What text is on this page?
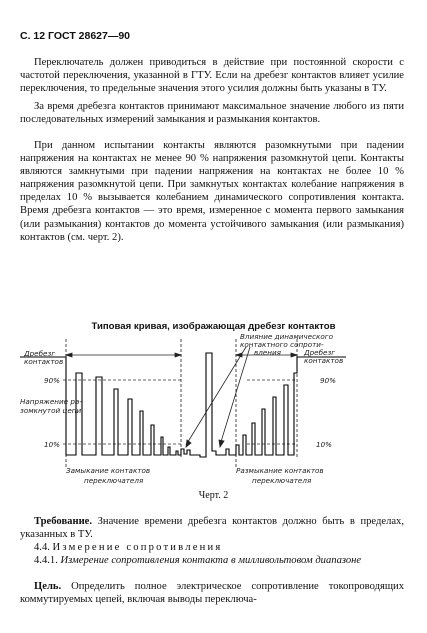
С. 12 ГОСТ 28627—90
Переключатель должен приводиться в действие при постоянной скорости с частотой переключения, указанной в ГТУ. Если на дребезг контактов влияет усилие переключения, то предельные значения этого усилия должны быть указаны в ТУ.
За время дребезга контактов принимают максимальное значение любого из пяти последовательных измерений замыкания и размыкания контактов.
При данном испытании контакты являются разомкнутыми при падении напряжения на контактах не менее 90 % напряжения разомкнутой цепи. Контакты являются замкнутыми при падении напряжения на контактах не более 10 % напряжения разомкнутой цепи. При замкнутых контактах колебание напряжения в пределах 10 % вызывается колебанием динамического сопротивления контакта. Время дребезга контактов — это время, измеренное с момента первого замыкания (или размыкания) контактов до момента устойчивого замыкания (или размыкания) контактов (см. черт. 2).
Типовая кривая, изображающая дребезг контактов
Влияние динамического
контактного сопроти-
вления
Дребезг
контактов
Дребезг
контактов
Напряжение ра-
зомкнутой цепи
90%	90%
10%	10%
Замыкание контактов
переключателя
Размыкание контактов
переключателя
Черт. 2
Требование. Значение времени дребезга контактов должно быть в пределах, указанных в ТУ.
4.4. Измерение сопротивления
4.4.1. Измерение сопротивления контакта в милливольтовом диапазоне
Цель. Определить полное электрическое сопротивление токопроводящих коммутируемых цепей, включая выводы переключа-
